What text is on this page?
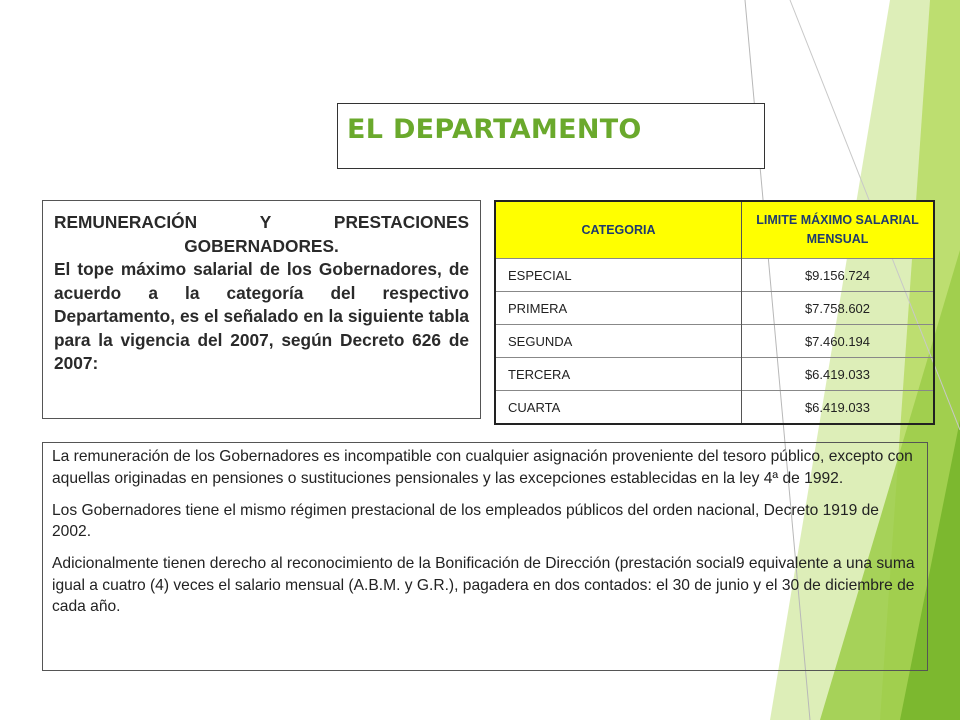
EL DEPARTAMENTO
REMUNERACIÓN Y PRESTACIONES GOBERNADORES.
El tope máximo salarial de los Gobernadores, de acuerdo a la categoría del respectivo Departamento, es el señalado en la siguiente tabla para la vigencia del 2007, según Decreto 626 de 2007:
CATEGORIA	LIMITE MÁXIMO SALARIAL MENSUAL
ESPECIAL	$9.156.724
PRIMERA	$7.758.602
SEGUNDA	$7.460.194
TERCERA	$6.419.033
CUARTA	$6.419.033

La remuneración de los Gobernadores es incompatible con cualquier asignación proveniente del tesoro público, excepto con aquellas originadas en pensiones o sustituciones pensionales y las excepciones establecidas en la ley 4ª de 1992.

Los Gobernadores tiene el mismo régimen prestacional de los empleados públicos del orden nacional, Decreto 1919 de 2002.

Adicionalmente tienen derecho al reconocimiento de la Bonificación de Dirección (prestación social9 equivalente a una suma igual a cuatro (4) veces el salario mensual (A.B.M. y G.R.), pagadera en dos contados: el 30 de junio y el 30 de diciembre de cada año.
